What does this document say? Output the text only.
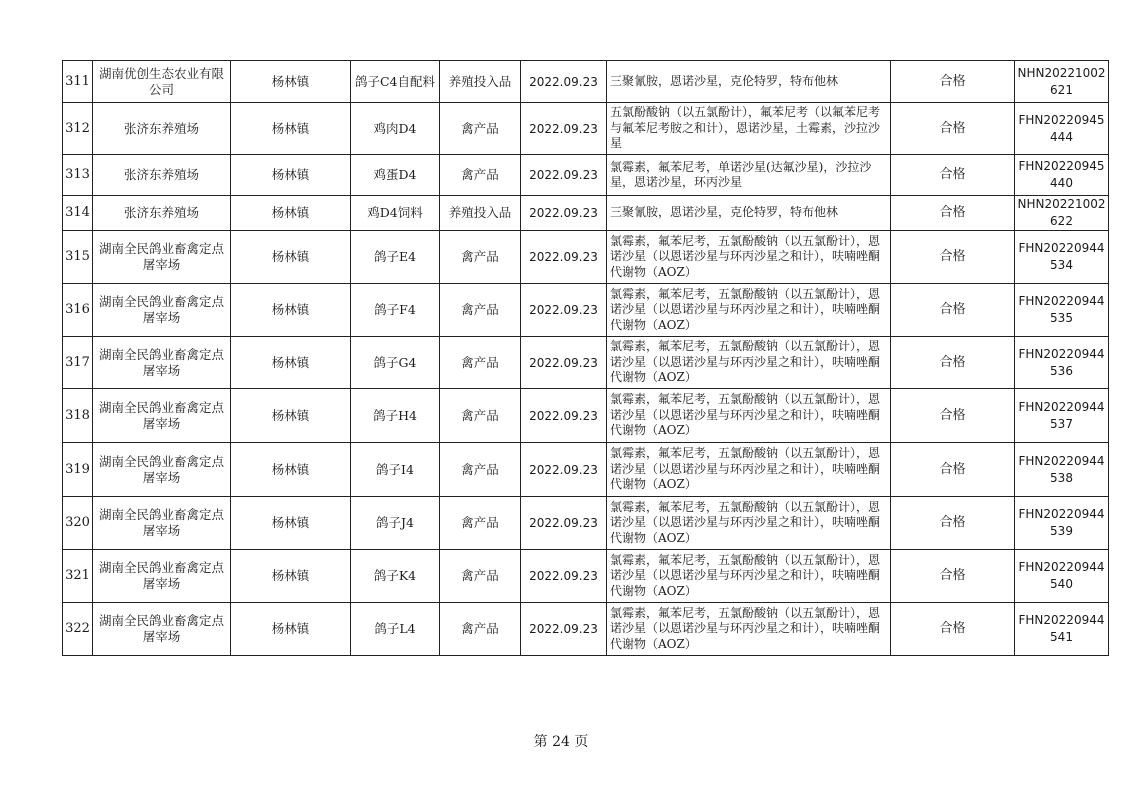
311	湖南优创生态农业有限公司	杨林镇	鸽子C4自配料	养殖投入品	2022.09.23	三聚氰胺，恩诺沙星，克伦特罗，特布他林	合格	NHN20221002621
312	张济东养殖场	杨林镇	鸡肉D4	禽产品	2022.09.23	五氯酚酸钠（以五氯酚计），氟苯尼考（以氟苯尼考与氟苯尼考胺之和计），恩诺沙星，土霉素，沙拉沙星	合格	FHN20220945444
313	张济东养殖场	杨林镇	鸡蛋D4	禽产品	2022.09.23	氯霉素，氟苯尼考，单诺沙星(达氟沙星)，沙拉沙星，恩诺沙星，环丙沙星	合格	FHN20220945440
314	张济东养殖场	杨林镇	鸡D4饲料	养殖投入品	2022.09.23	三聚氰胺，恩诺沙星，克伦特罗，特布他林	合格	NHN20221002622
315	湖南全民鸽业畜禽定点屠宰场	杨林镇	鸽子E4	禽产品	2022.09.23	氯霉素，氟苯尼考，五氯酚酸钠（以五氯酚计），恩诺沙星（以恩诺沙星与环丙沙星之和计），呋喃唑酮代谢物（AOZ）	合格	FHN20220944534
316	湖南全民鸽业畜禽定点屠宰场	杨林镇	鸽子F4	禽产品	2022.09.23	氯霉素，氟苯尼考，五氯酚酸钠（以五氯酚计），恩诺沙星（以恩诺沙星与环丙沙星之和计），呋喃唑酮代谢物（AOZ）	合格	FHN20220944535
317	湖南全民鸽业畜禽定点屠宰场	杨林镇	鸽子G4	禽产品	2022.09.23	氯霉素，氟苯尼考，五氯酚酸钠（以五氯酚计），恩诺沙星（以恩诺沙星与环丙沙星之和计），呋喃唑酮代谢物（AOZ）	合格	FHN20220944536
318	湖南全民鸽业畜禽定点屠宰场	杨林镇	鸽子H4	禽产品	2022.09.23	氯霉素，氟苯尼考，五氯酚酸钠（以五氯酚计），恩诺沙星（以恩诺沙星与环丙沙星之和计），呋喃唑酮代谢物（AOZ）	合格	FHN20220944537
319	湖南全民鸽业畜禽定点屠宰场	杨林镇	鸽子I4	禽产品	2022.09.23	氯霉素，氟苯尼考，五氯酚酸钠（以五氯酚计），恩诺沙星（以恩诺沙星与环丙沙星之和计），呋喃唑酮代谢物（AOZ）	合格	FHN20220944538
320	湖南全民鸽业畜禽定点屠宰场	杨林镇	鸽子J4	禽产品	2022.09.23	氯霉素，氟苯尼考，五氯酚酸钠（以五氯酚计），恩诺沙星（以恩诺沙星与环丙沙星之和计），呋喃唑酮代谢物（AOZ）	合格	FHN20220944539
321	湖南全民鸽业畜禽定点屠宰场	杨林镇	鸽子K4	禽产品	2022.09.23	氯霉素，氟苯尼考，五氯酚酸钠（以五氯酚计），恩诺沙星（以恩诺沙星与环丙沙星之和计），呋喃唑酮代谢物（AOZ）	合格	FHN20220944540
322	湖南全民鸽业畜禽定点屠宰场	杨林镇	鸽子L4	禽产品	2022.09.23	氯霉素，氟苯尼考，五氯酚酸钠（以五氯酚计），恩诺沙星（以恩诺沙星与环丙沙星之和计），呋喃唑酮代谢物（AOZ）	合格	FHN20220944541
第 24 页
